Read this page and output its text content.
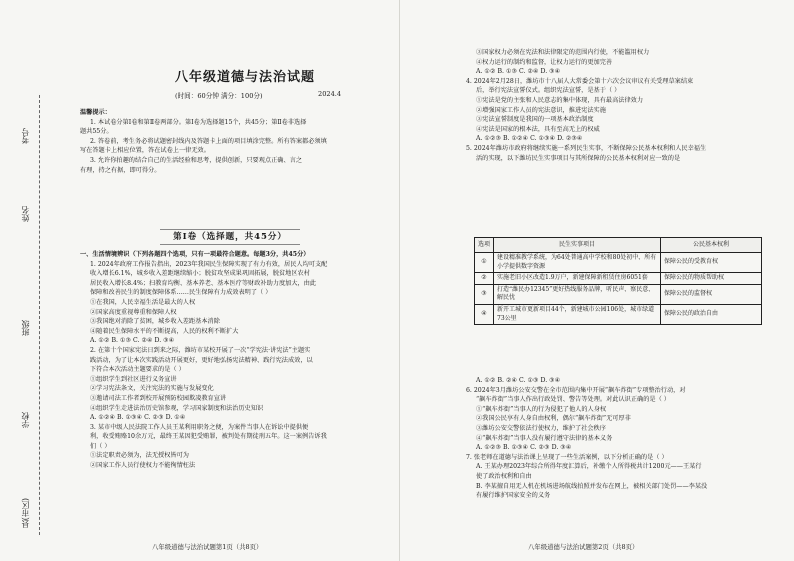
考号
姓名
班级
学校
县(市区)
八年级道德与法治试题
(时间：60分钟 满分：100分)	2024.4
温馨提示：
1. 本试卷分第Ⅰ卷和第Ⅱ卷两部分。第Ⅰ卷为选择题15个，共45分；第Ⅱ卷非选择
题共55分。
2. 答卷前，考生务必将试题密封线内及答题卡上面的项目填涂完整。所有答案都必须填
写在答题卡上相应位置，答在试卷上一律无效。
3. 允许你拍趣的结合自己的生活经验和思考，提供创新，只要观点正确、言之
有理，持之有据，即可得分。
第Ⅰ卷（选择题，共45分）
一、生活情境辨识（下列各题四个选项，只有一项最符合题意。每题3分，共45分）
1. 2024年政府工作报告指出，2023年我国民生保障实现了有力有效，居民人均可支配
收入增长6.1%，城乡收入差距继续缩小；脱贫攻坚成果巩固拓展，脱贫地区农村
居民收入增长8.4%；扫教育均衡、基本养老、基本医疗等财政补助力度加大，由此
保障和改善民生的制度保障体系……民生保障有力成效表明了（ ）
①在我国，人民幸福生活是最大的人权
②国家高度重视尊重和保障人权
③我国绝对消除了贫困，城乡收入差距基本消除
④随着民生保障水平的不断提高，人民的权利不断扩大
A. ①② B. ①③ C. ②④ D. ③④
2. 在第十个国家宪法日到来之际，潍坊市某校开展了一次“学宪法·讲宪法”主题实
践活动，为了让本次实践活动开展更好，更好地弘扬宪法精神、践行宪法成效，以
下符合本次活动主题要求的是（ ）
①组织学生到社区进行义务宣讲
②学习宪法条文，关注宪法的实施与发展变化
③邀请司法工作者到校开展预防校园欺凌教育宣讲
④组织学生走进法治历史馆参观，学习国家制度和法治历史知识
A. ①②④ B. ①③④ C. ②③ D. ①④
3. 某市中级人民法院工作人员王某利用职务之便，为案件当事人在诉讼中提供便
利，收受贿赂10余万元，最终王某因犯受贿罪，被判处有期徒刑五年。这一案例告诉我
们（ ）
①法定职责必须为，法无授权皆可为
②国家工作人员行使权力不能徇情枉法
八年级道德与法治试题第1页（共8页）
③国家权力必须在宪法和法律限定的范围内行使，不能滥用权力
④权力运行的制约和监督，让权力运行的更加完善
A. ①② B. ①③ C. ②④ D. ③④
4. 2024年2月28日，潍坊市十八届人大常委会第十六次会议审议有关受理草案结束
后，举行宪法宣誓仪式。组织宪法宣誓，是基于（ ）
①宪法是党的主张和人民意志的集中体现，具有最高法律效力
②增强国家工作人员的宪法意识，推进宪法实施
③宪法宣誓制度是我国的一项基本政治制度
④宪法是国家的根本法，具有至高无上的权威
A. ①②③ B. ①②④ C. ①③④ D. ②③④
5. 2024年潍坊市政府将继续实施一系列民生实事，不断保障公民基本权利和人民幸福生
活的实现，以下潍坊民生实事项目与其所保障的公民基本权利对应一致的是
选项	民生实事项目	公民基本权利
①	建设精准教学系统，为64处普通高中学校和80处初中、所有小学提供数字资源	保障公民的受教育权
②	实施老旧小区改造1.9万户，新建保障新租赁住房6051套	保障公民的物质帮助权
③	打造“潍民办12345”更好热线服务品牌，听民声、察民意、解民忧	保障公民的监督权
④	新开工城市更新项目44个，新建城市公园106处，城市绿道73公里	保障公民的政治自由
A. ①② B. ②④ C. ①③ D. ③④
6. 2024年3月潍坊公安交警在全市范围内集中开展“飙车炸街”专项整治行动，对
“飙车炸街”当事人作出行政处罚、警告等处理。对此认识正确的是（ ）
①“飙车炸街”当事人的行为侵犯了他人的人身权
②我国公民享有人身自由权利，偶尔“飙车炸街”无可厚非
③潍坊公安交警依法行使权力，维护了社会秩序
④“飙车炸街”当事人没有履行遵守法律的基本义务
A. ①②③ B. ①③④ C. ②③ D. ③④
7. 张老师在道德与法治课上呈现了一些生活案例，以下分析正确的是（ ）
A. 王某办理2023年综合所得年度汇算后，补缴个人所得税共计1200元——王某行
使了政治权利和自由
B. 李某擅自用无人机在机场进场航线拍照并发布在网上，被相关部门处罚——李某没
有履行维护国家安全的义务
八年级道德与法治试题第2页（共8页）
